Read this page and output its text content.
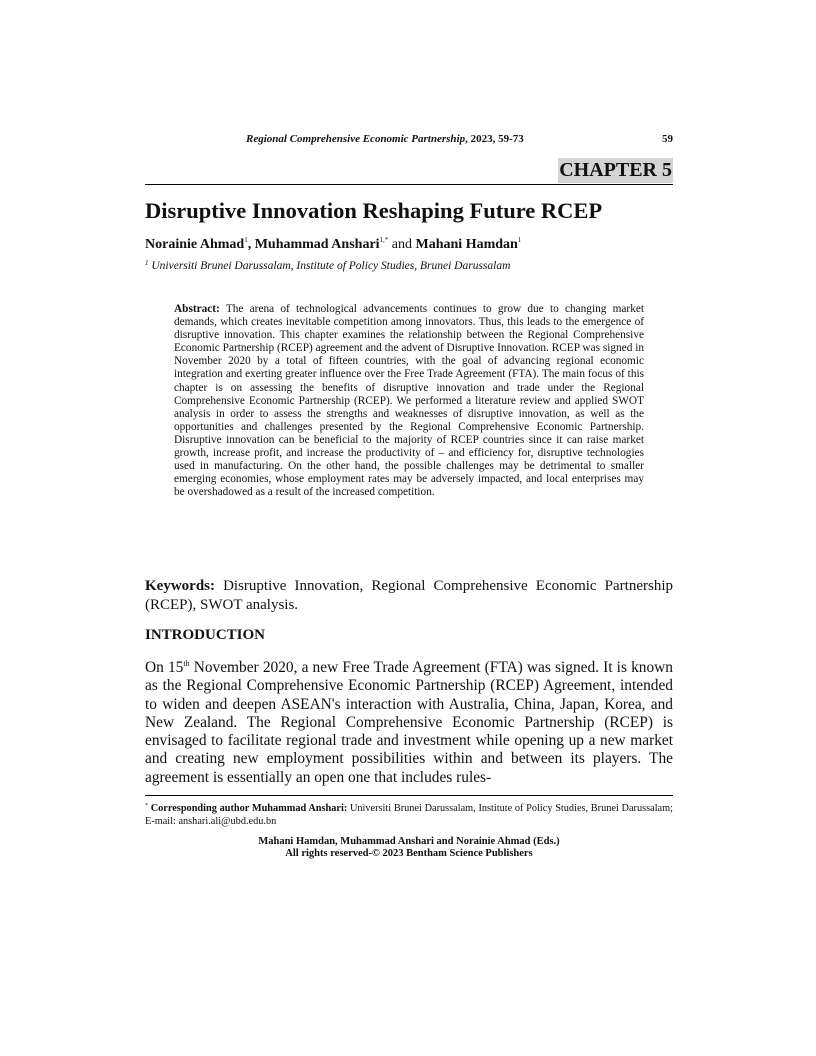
Regional Comprehensive Economic Partnership, 2023, 59-73	59
CHAPTER 5
Disruptive Innovation Reshaping Future RCEP
Norainie Ahmad$^1$, Muhammad Anshari$^{1,*}$ and Mahani Hamdan$^1$
$^1$ Universiti Brunei Darussalam, Institute of Policy Studies, Brunei Darussalam
Abstract: The arena of technological advancements continues to grow due to changing market demands, which creates inevitable competition among innovators. Thus, this leads to the emergence of disruptive innovation. This chapter examines the relationship between the Regional Comprehensive Economic Partnership (RCEP) agreement and the advent of Disruptive Innovation. RCEP was signed in November 2020 by a total of fifteen countries, with the goal of advancing regional economic integration and exerting greater influence over the Free Trade Agreement (FTA). The main focus of this chapter is on assessing the benefits of disruptive innovation and trade under the Regional Comprehensive Economic Partnership (RCEP). We performed a literature review and applied SWOT analysis in order to assess the strengths and weaknesses of disruptive innovation, as well as the opportunities and challenges presented by the Regional Comprehensive Economic Partnership. Disruptive innovation can be beneficial to the majority of RCEP countries since it can raise market growth, increase profit, and increase the productivity of – and efficiency for, disruptive technologies used in manufacturing. On the other hand, the possible challenges may be detrimental to smaller emerging economies, whose employment rates may be adversely impacted, and local enterprises may be overshadowed as a result of the increased competition.
Keywords: Disruptive Innovation, Regional Comprehensive Economic Partnership (RCEP), SWOT analysis.
INTRODUCTION
On 15th November 2020, a new Free Trade Agreement (FTA) was signed. It is known as the Regional Comprehensive Economic Partnership (RCEP) Agreement, intended to widen and deepen ASEAN's interaction with Australia, China, Japan, Korea, and New Zealand. The Regional Comprehensive Economic Partnership (RCEP) is envisaged to facilitate regional trade and investment while opening up a new market and creating new employment possibilities within and between its players. The agreement is essentially an open one that includes rules-
* Corresponding author Muhammad Anshari: Universiti Brunei Darussalam, Institute of Policy Studies, Brunei Darussalam; E-mail: anshari.ali@ubd.edu.bn
Mahani Hamdan, Muhammad Anshari and Norainie Ahmad (Eds.)
All rights reserved-© 2023 Bentham Science Publishers
